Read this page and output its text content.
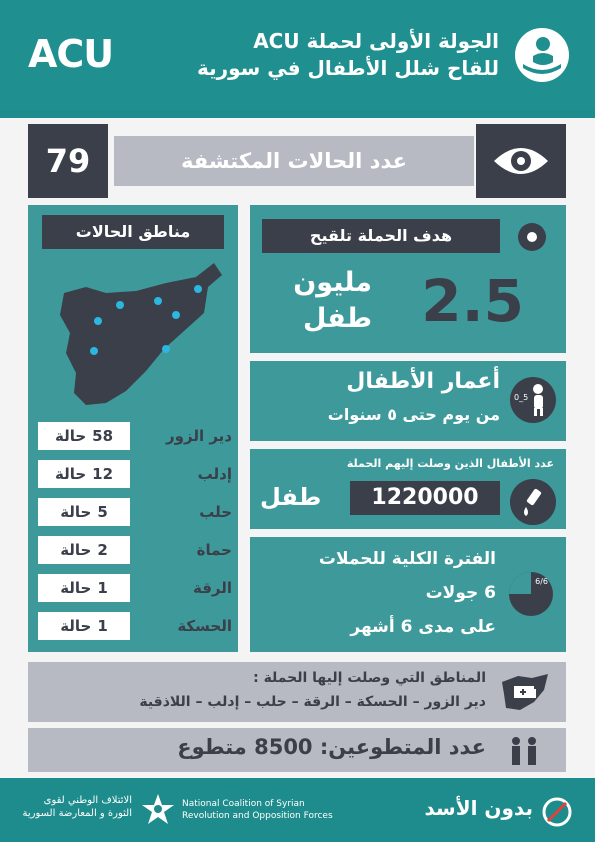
ACU	الجولة الأولى لحملة ACU
للقاح شلل الأطفال في سورية
79	عدد الحالات المكتشفة
مناطق الحالات
58حالة	دير الزور
12حالة	إدلب
5حالة	حلب
2حالة	حماة
1حالة	الرقة
1حالة	الحسكة
هدف الحملة تلقيح
2.5
مليون
طفل
أعمار الأطفال
من يوم حتى ٥ سنوات
0_5
عدد الأطفال الذين وصلت إليهم الحملة
1220000
طفل
الفترة الكلية للحملات
6 جولات
على مدى 6 أشهر
6/6
المناطق التي وصلت إليها الحملة :
دير الزور – الحسكة – الرقة – حلب – إدلب – اللاذقية
عدد المتطوعين: 8500 متطوع
الائتلاف الوطني لقوى
الثورة و المعارضة السورية
National Coalition of Syrian
Revolution and Opposition Forces	بدون الأسد
